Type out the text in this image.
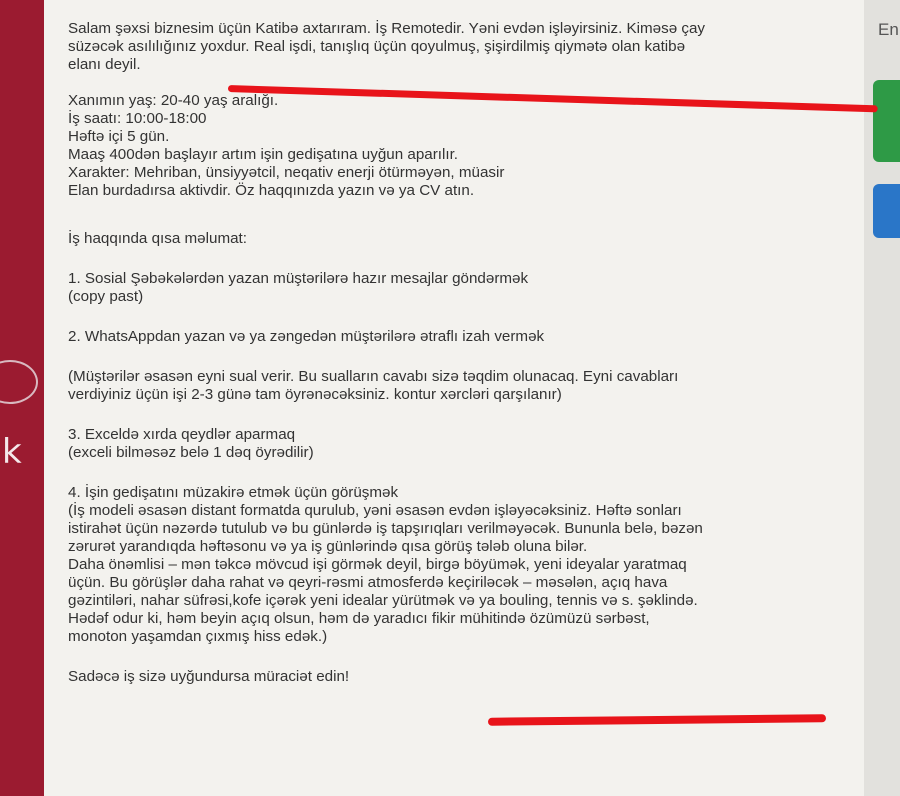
k
En

Salam şəxsi biznesim üçün Katibə axtarıram. İş Remotedir. Yəni evdən işləyirsiniz. Kiməsə çay
süzəcək asılılığınız yoxdur. Real işdi, tanışlıq üçün qoyulmuş, şişirdilmiş qiymətə olan katibə
elanı deyil.

Xanımın yaş: 20-40 yaş aralığı.
İş saatı: 10:00-18:00
Həftə içi 5 gün.
Maaş 400dən başlayır artım işin gedişatına uyğun aparılır.
Xarakter: Mehriban, ünsiyyətcil, neqativ enerji ötürməyən, müasir
Elan burdadırsa aktivdir. Öz haqqınızda yazın və ya CV atın.

İş haqqında qısa məlumat:

1. Sosial Şəbəkələrdən yazan müştərilərə hazır mesajlar göndərmək
(copy past)

2. WhatsAppdan yazan və ya zəngedən müştərilərə ətraflı izah vermək

(Müştərilər əsasən eyni sual verir. Bu sualların cavabı sizə təqdim olunacaq. Eyni cavabları
verdiyiniz üçün işi 2-3 günə tam öyrənəcəksiniz. kontur xərcləri qarşılanır)

3. Exceldə xırda qeydlər aparmaq
(exceli bilməsəz belə 1 dəq öyrədilir)

4. İşin gedişatını müzakirə etmək üçün görüşmək
(İş modeli əsasən distant formatda qurulub, yəni əsasən evdən işləyəcəksiniz. Həftə sonları
istirahət üçün nəzərdə tutulub və bu günlərdə iş tapşırıqları verilməyəcək. Bununla belə, bəzən
zərurət yarandıqda həftəsonu və ya iş günlərində qısa görüş tələb oluna bilər.
Daha önəmlisi – mən təkcə mövcud işi görmək deyil, birgə böyümək, yeni ideyalar yaratmaq
üçün. Bu görüşlər daha rahat və qeyri-rəsmi atmosferdə keçiriləcək – məsələn, açıq hava
gəzintiləri, nahar süfrəsi,kofe içərək yeni idealar yürütmək və ya bouling, tennis və s. şəklində.
Hədəf odur ki, həm beyin açıq olsun, həm də yaradıcı fikir mühitində özümüzü sərbəst,
monoton yaşamdan çıxmış hiss edək.)

Sadəcə iş sizə uyğundursa müraciət edin!
